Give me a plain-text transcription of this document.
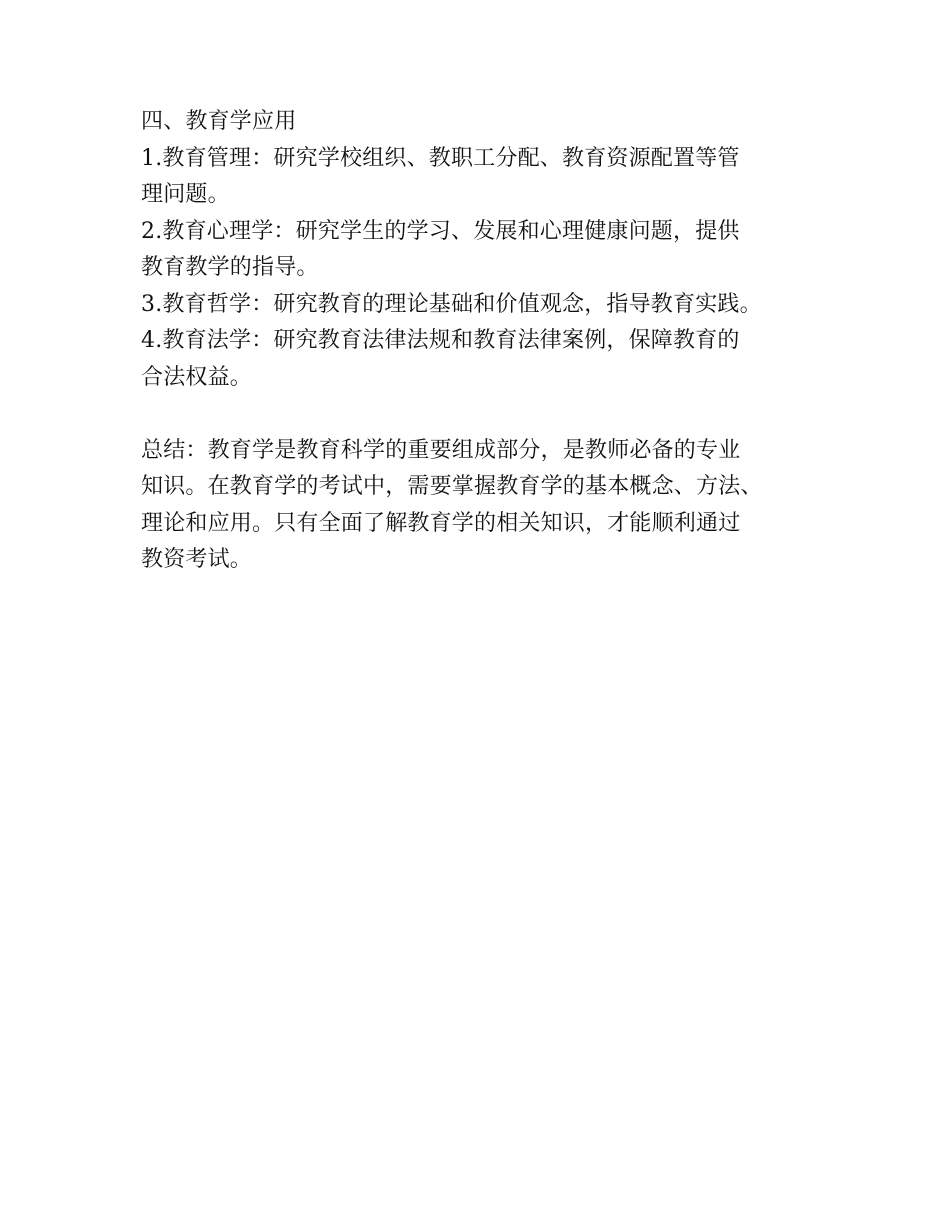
四、教育学应用
1.教育管理：研究学校组织、教职工分配、教育资源配置等管
理问题。
2.教育心理学：研究学生的学习、发展和心理健康问题，提供
教育教学的指导。
3.教育哲学：研究教育的理论基础和价值观念，指导教育实践。
4.教育法学：研究教育法律法规和教育法律案例，保障教育的
合法权益。
总结：教育学是教育科学的重要组成部分，是教师必备的专业
知识。在教育学的考试中，需要掌握教育学的基本概念、方法、
理论和应用。只有全面了解教育学的相关知识，才能顺利通过
教资考试。
